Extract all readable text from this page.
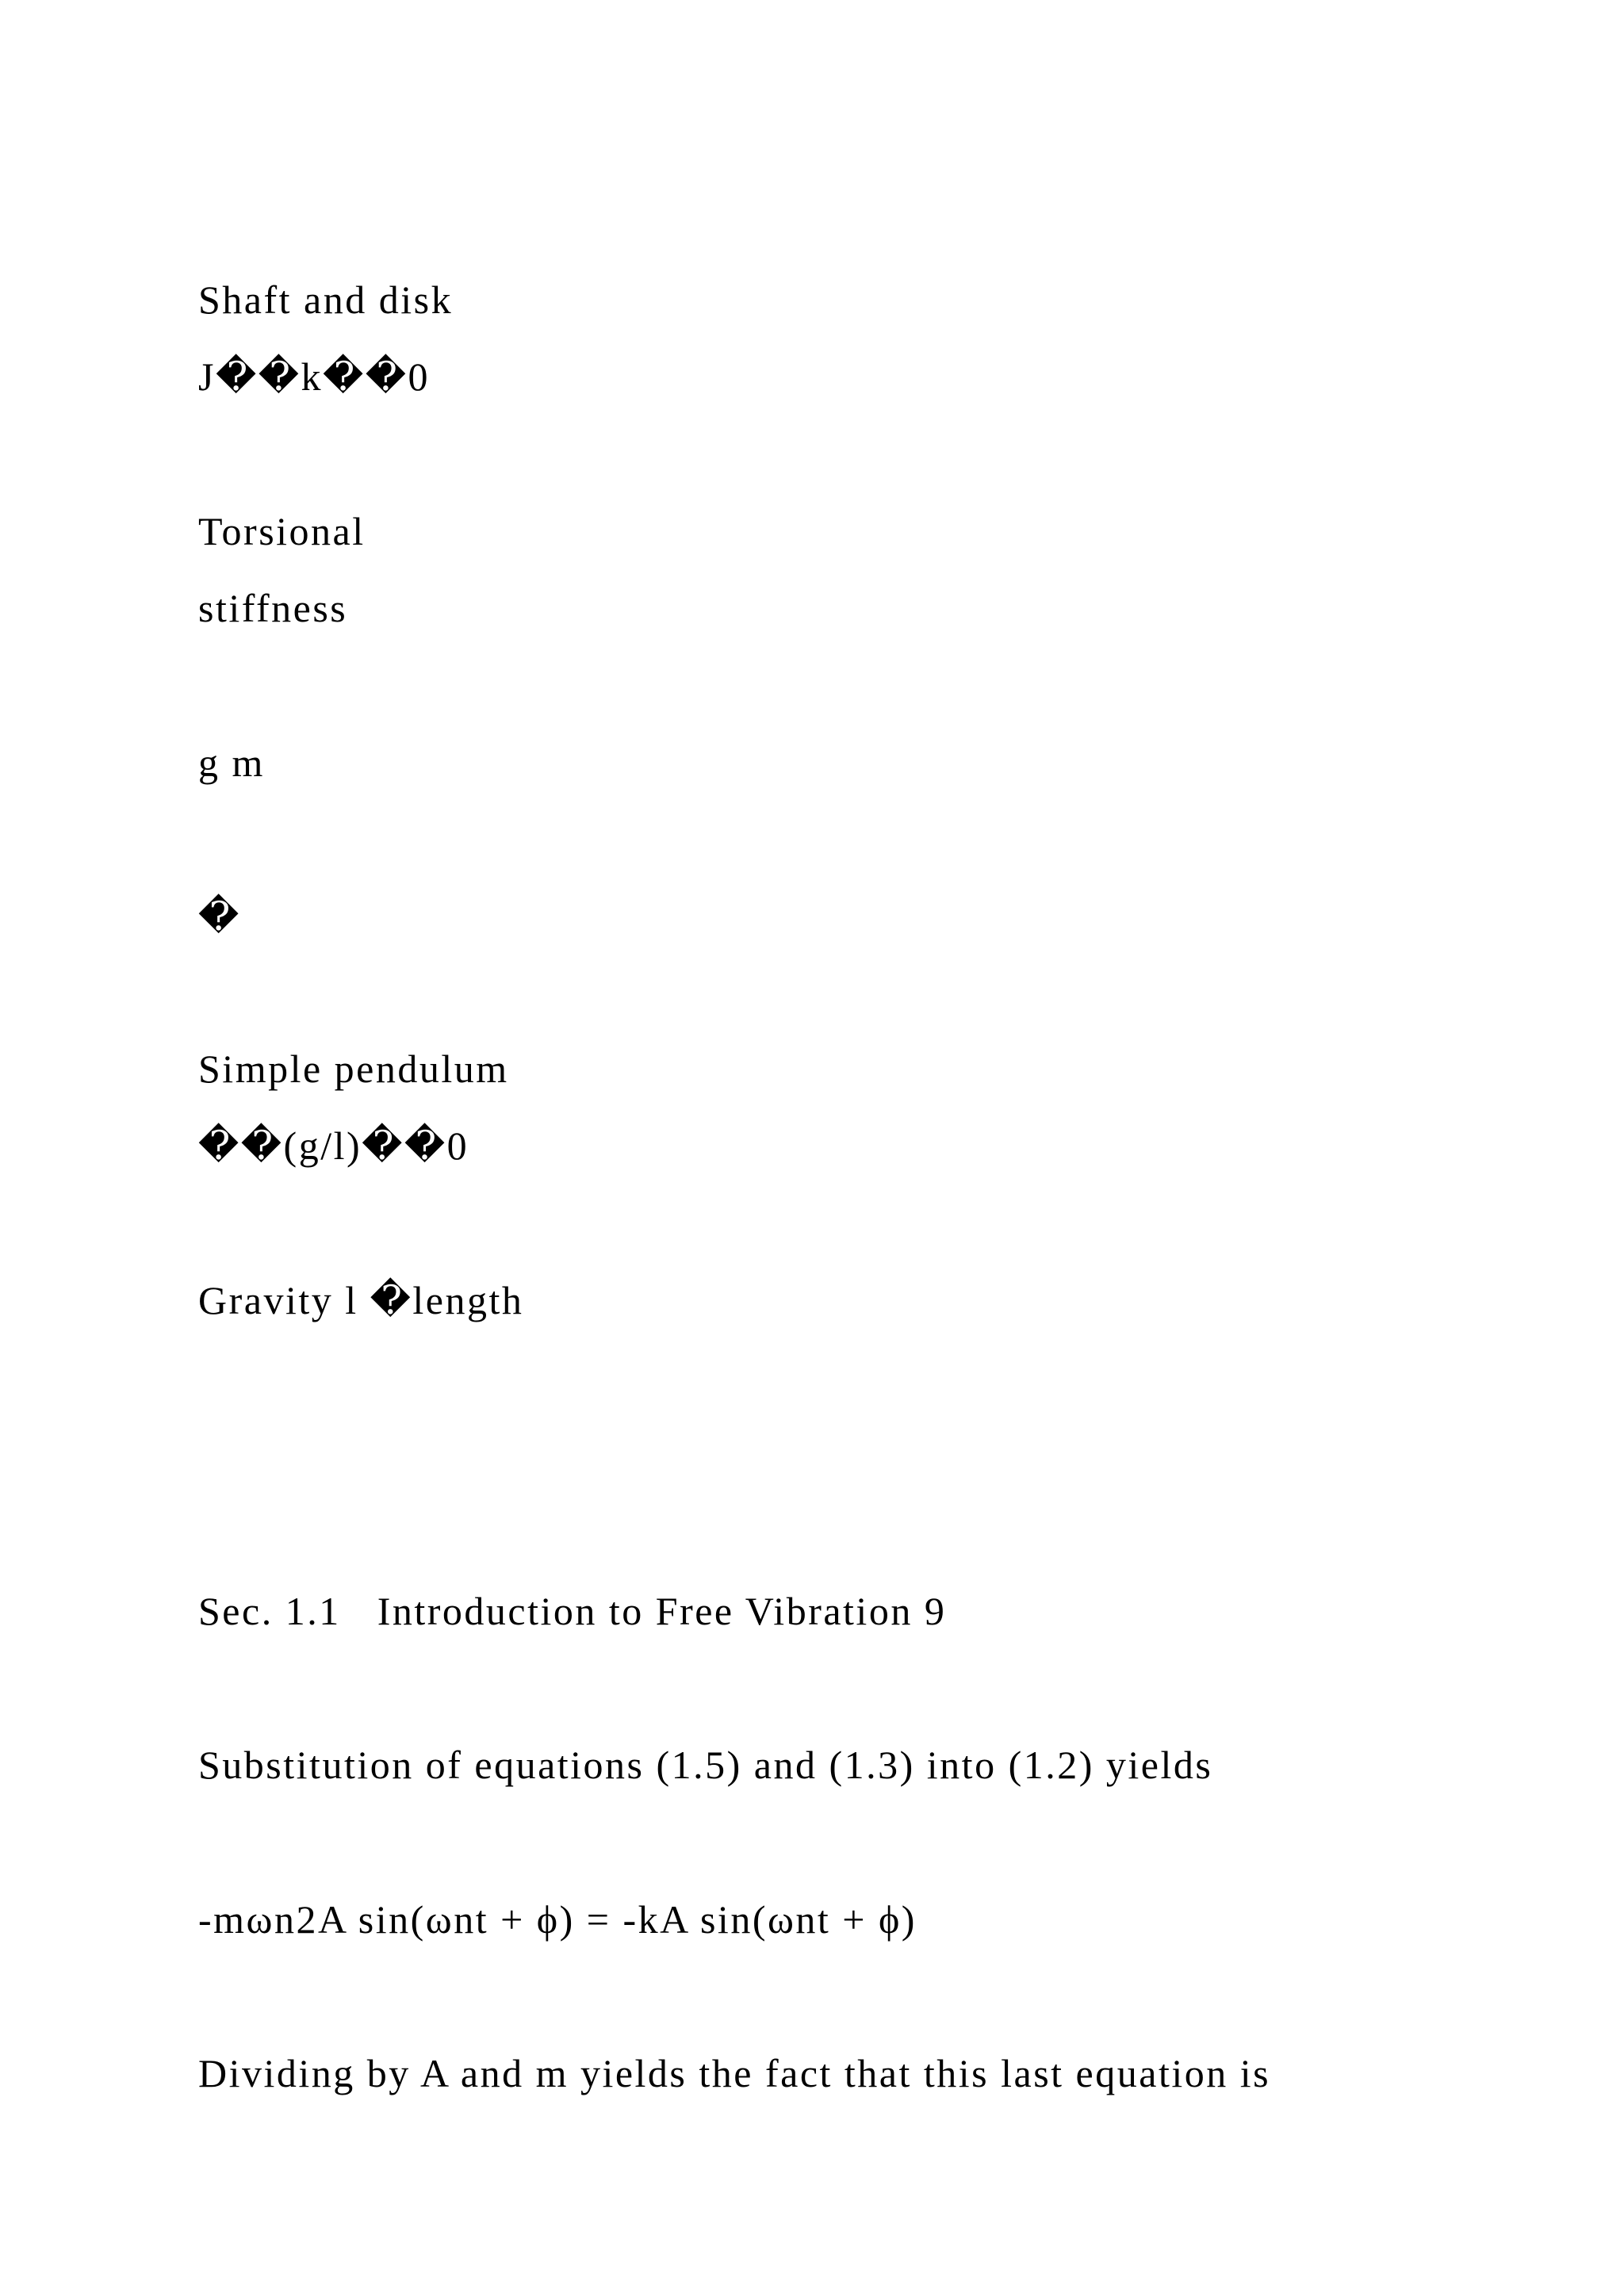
Shaft and disk

J��k��0

Torsional

stiffness

g m

�

Simple pendulum

��(g/l)��0

Gravity l �length

Sec. 1.1 Introduction to Free Vibration 9

Substitution of equations (1.5) and (1.3) into (1.2) yields

-mωn2A sin(ωnt + ϕ) = -kA sin(ωnt + ϕ)

Dividing by A and m yields the fact that this last equation is
